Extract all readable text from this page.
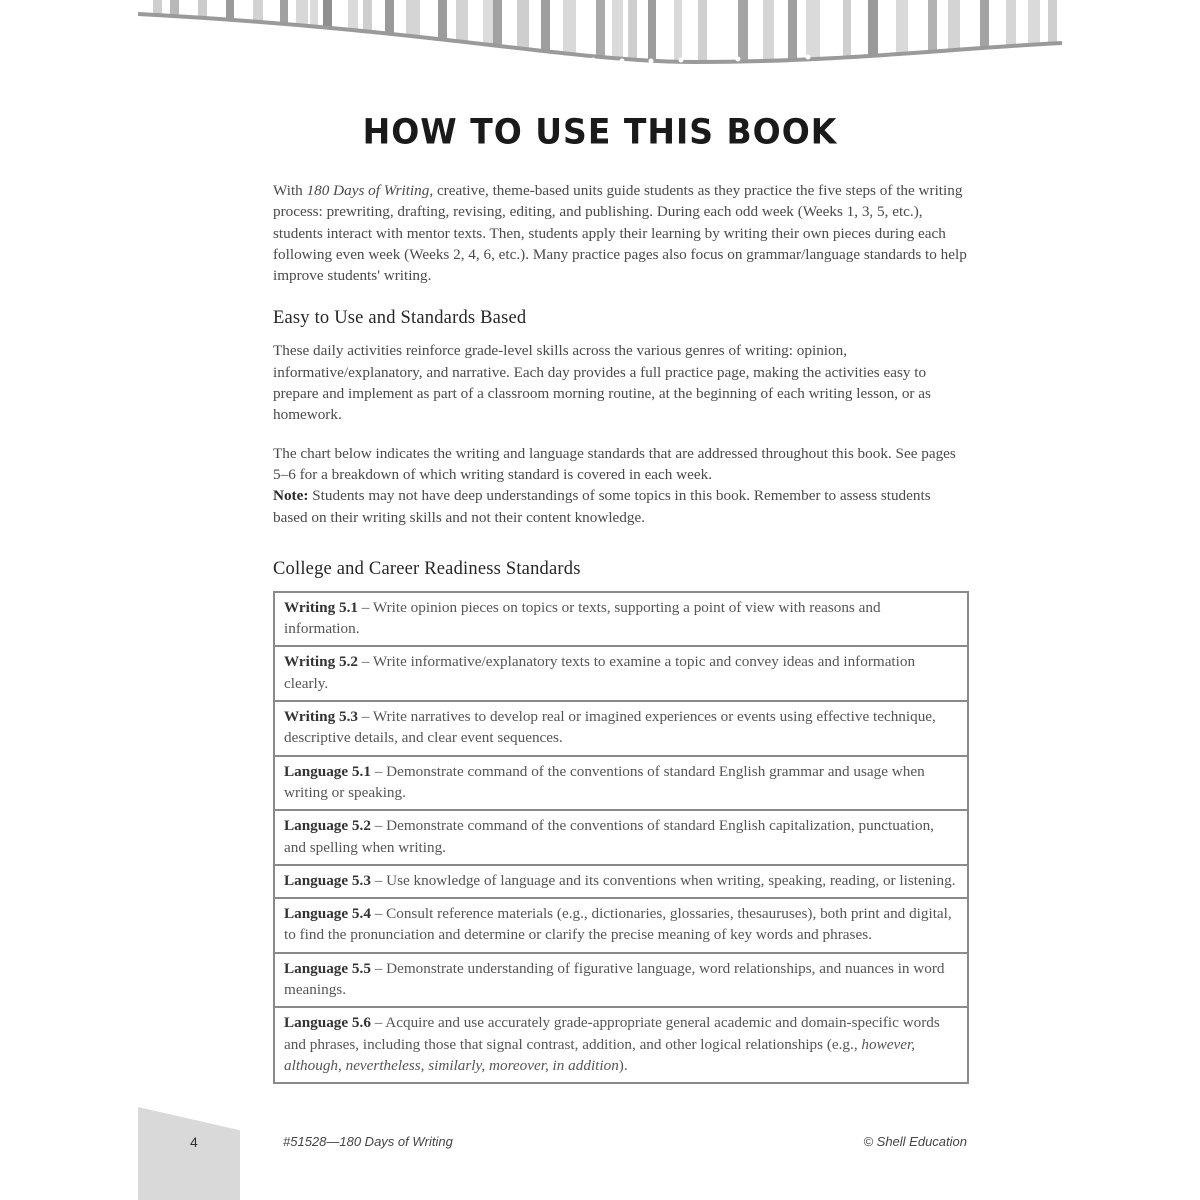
HOW TO USE THIS BOOK

With 180 Days of Writing, creative, theme-based units guide students as they practice the five steps of the writing process: prewriting, drafting, revising, editing, and publishing. During each odd week (Weeks 1, 3, 5, etc.), students interact with mentor texts. Then, students apply their learning by writing their own pieces during each following even week (Weeks 2, 4, 6, etc.). Many practice pages also focus on grammar/language standards to help improve students' writing.

Easy to Use and Standards Based

These daily activities reinforce grade-level skills across the various genres of writing: opinion, informative/explanatory, and narrative. Each day provides a full practice page, making the activities easy to prepare and implement as part of a classroom morning routine, at the beginning of each writing lesson, or as homework.

The chart below indicates the writing and language standards that are addressed throughout this book. See pages 5–6 for a breakdown of which writing standard is covered in each week.
Note: Students may not have deep understandings of some topics in this book. Remember to assess students based on their writing skills and not their content knowledge.

College and Career Readiness Standards
Writing 5.1 – Write opinion pieces on topics or texts, supporting a point of view with reasons and information.
Writing 5.2 – Write informative/explanatory texts to examine a topic and convey ideas and information clearly.
Writing 5.3 – Write narratives to develop real or imagined experiences or events using effective technique, descriptive details, and clear event sequences.
Language 5.1 – Demonstrate command of the conventions of standard English grammar and usage when writing or speaking.
Language 5.2 – Demonstrate command of the conventions of standard English capitalization, punctuation, and spelling when writing.
Language 5.3 – Use knowledge of language and its conventions when writing, speaking, reading, or listening.
Language 5.4 – Consult reference materials (e.g., dictionaries, glossaries, thesauruses), both print and digital, to find the pronunciation and determine or clarify the precise meaning of key words and phrases.
Language 5.5 – Demonstrate understanding of figurative language, word relationships, and nuances in word meanings.
Language 5.6 – Acquire and use accurately grade-appropriate general academic and domain-specific words and phrases, including those that signal contrast, addition, and other logical relationships (e.g., however, although, nevertheless, similarly, moreover, in addition).
4	#51528—180 Days of Writing	© Shell Education
